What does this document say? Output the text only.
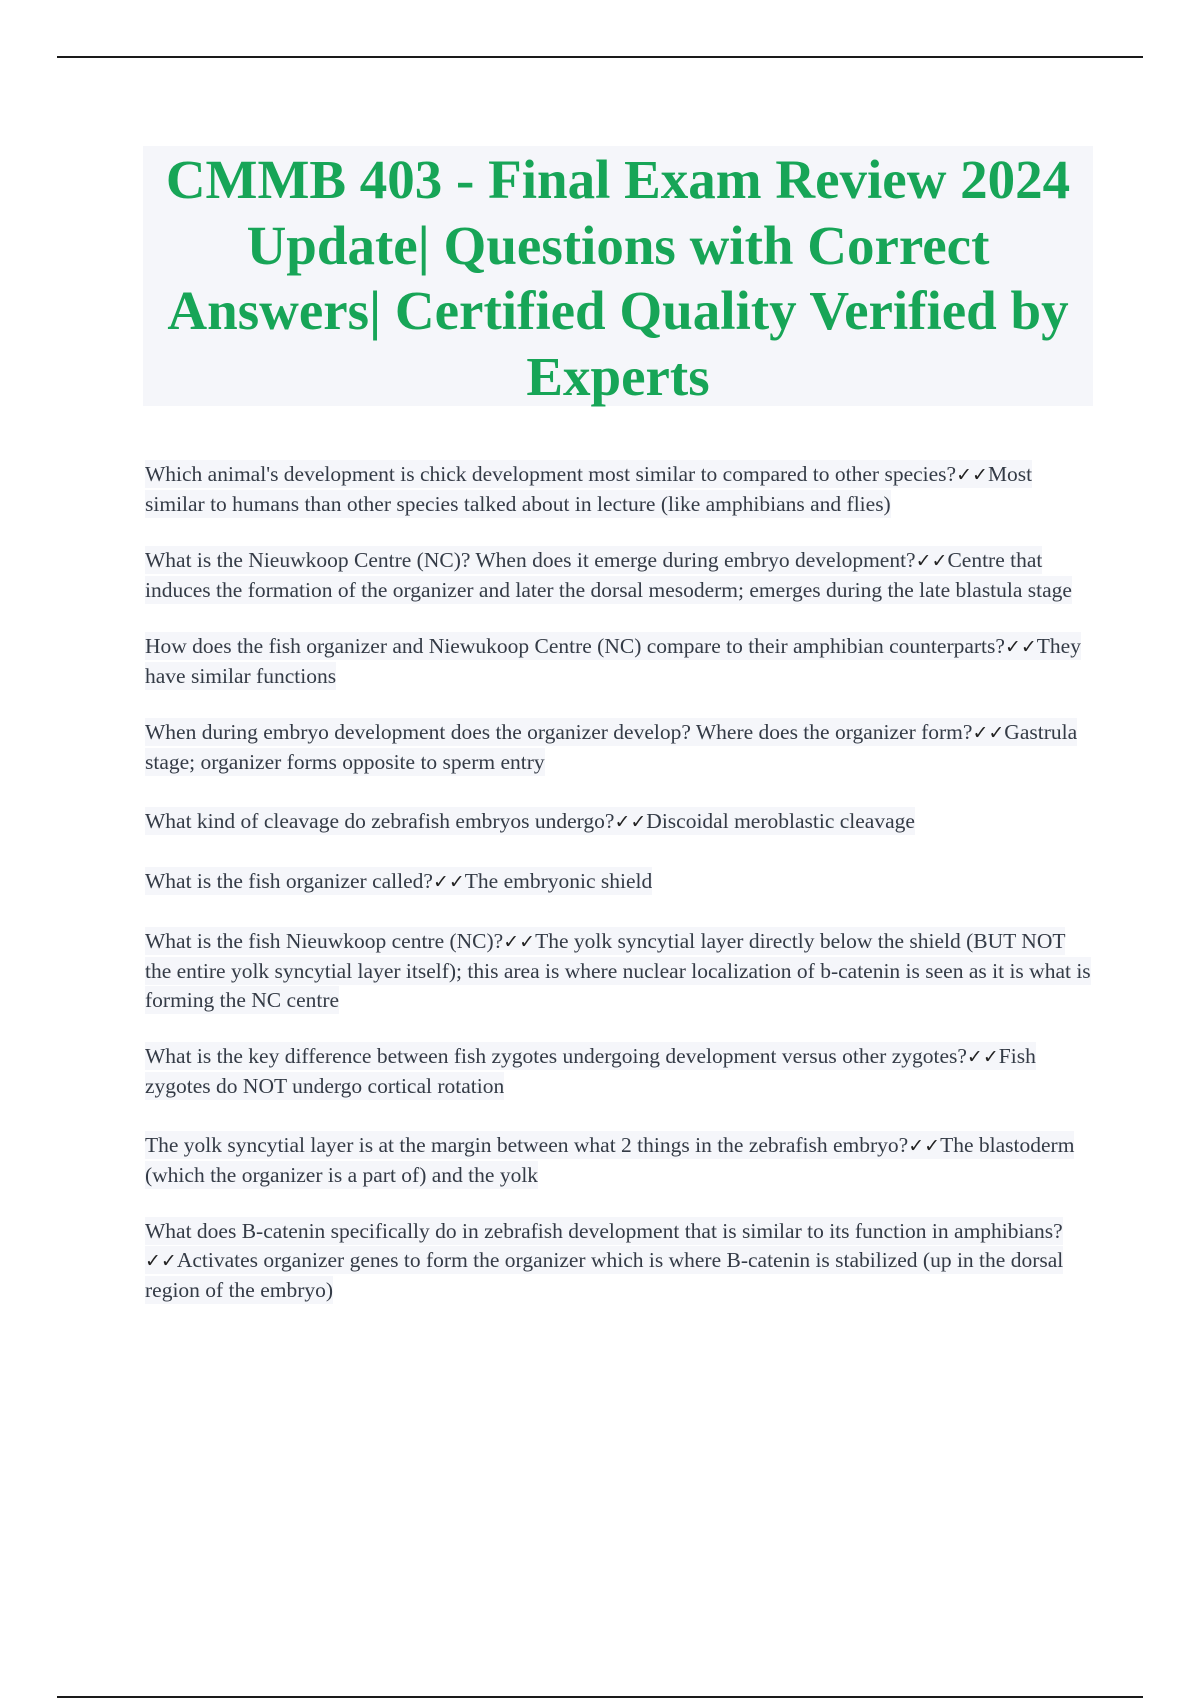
CMMB 403 - Final Exam Review 2024 Update| Questions with Correct Answers| Certified Quality Verified by Experts

Which animal's development is chick development most similar to compared to other species?✓✓Most similar to humans than other species talked about in lecture (like amphibians and flies)

What is the Nieuwkoop Centre (NC)? When does it emerge during embryo development?✓✓Centre that induces the formation of the organizer and later the dorsal mesoderm; emerges during the late blastula stage

How does the fish organizer and Niewukoop Centre (NC) compare to their amphibian counterparts?✓✓They have similar functions

When during embryo development does the organizer develop? Where does the organizer form?✓✓Gastrula stage; organizer forms opposite to sperm entry

What kind of cleavage do zebrafish embryos undergo?✓✓Discoidal meroblastic cleavage

What is the fish organizer called?✓✓The embryonic shield

What is the fish Nieuwkoop centre (NC)?✓✓The yolk syncytial layer directly below the shield (BUT NOT the entire yolk syncytial layer itself); this area is where nuclear localization of b-catenin is seen as it is what is forming the NC centre

What is the key difference between fish zygotes undergoing development versus other zygotes?✓✓Fish zygotes do NOT undergo cortical rotation

The yolk syncytial layer is at the margin between what 2 things in the zebrafish embryo?✓✓The blastoderm (which the organizer is a part of) and the yolk

What does B-catenin specifically do in zebrafish development that is similar to its function in amphibians?✓✓Activates organizer genes to form the organizer which is where B-catenin is stabilized (up in the dorsal region of the embryo)
